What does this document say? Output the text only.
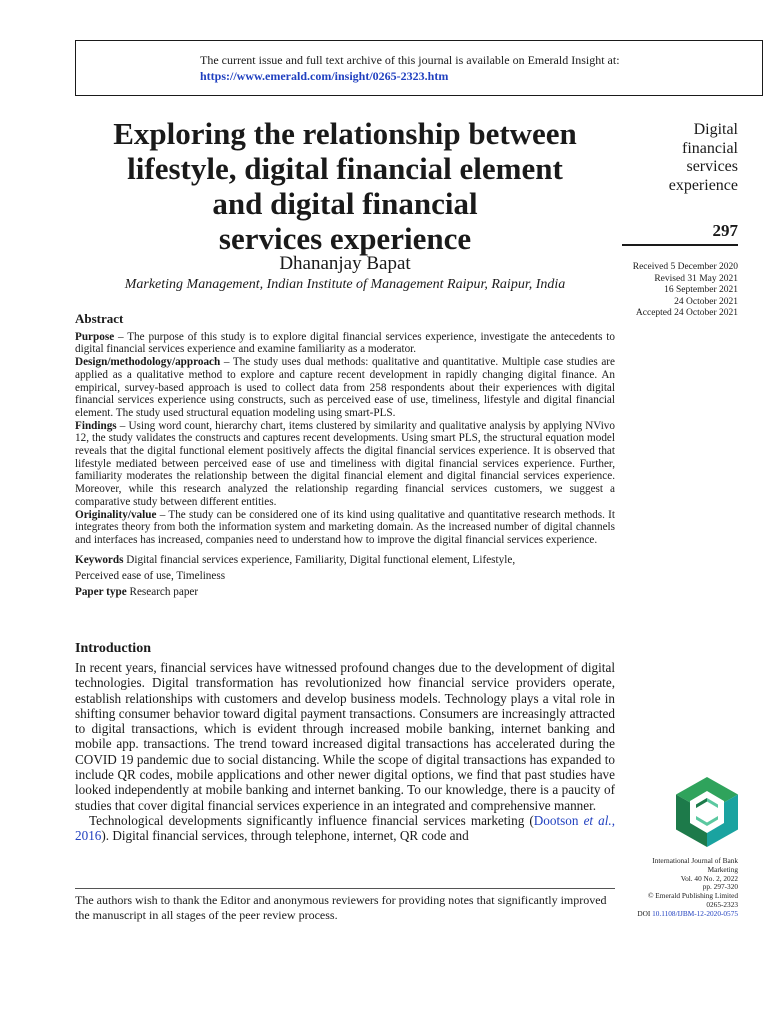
The current issue and full text archive of this journal is available on Emerald Insight at:
https://www.emerald.com/insight/0265-2323.htm
Exploring the relationship between
lifestyle, digital financial element
and digital financial
services experience
Dhananjay Bapat
Marketing Management, Indian Institute of Management Raipur, Raipur, India
Digital
financial
services
experience
297
Received 5 December 2020
Revised 31 May 2021
16 September 2021
24 October 2021
Accepted 24 October 2021
Abstract

Purpose – The purpose of this study is to explore digital financial services experience, investigate the antecedents to digital financial services experience and examine familiarity as a moderator.

Design/methodology/approach – The study uses dual methods: qualitative and quantitative. Multiple case studies are applied as a qualitative method to explore and capture recent development in rapidly changing digital finance. An empirical, survey-based approach is used to collect data from 258 respondents about their experiences with digital financial services experience using constructs, such as perceived ease of use, timeliness, lifestyle and digital financial element. The study used structural equation modeling using smart-PLS.

Findings – Using word count, hierarchy chart, items clustered by similarity and qualitative analysis by applying NVivo 12, the study validates the constructs and captures recent developments. Using smart PLS, the structural equation model reveals that the digital functional element positively affects the digital financial services experience. It is observed that lifestyle mediated between perceived ease of use and timeliness with digital financial services experience. Further, familiarity moderates the relationship between the digital financial element and digital financial services experience. Moreover, while this research analyzed the relationship regarding financial services customers, we suggest a comparative study between different entities.

Originality/value – The study can be considered one of its kind using qualitative and quantitative research methods. It integrates theory from both the information system and marketing domain. As the increased number of digital channels and interfaces has increased, companies need to understand how to improve the digital financial services experience.

Keywords Digital financial services experience, Familiarity, Digital functional element, Lifestyle,
Perceived ease of use, Timeliness

Paper type Research paper

Introduction

In recent years, financial services have witnessed profound changes due to the development of digital technologies. Digital transformation has revolutionized how financial service providers operate, establish relationships with customers and develop business models. Technology plays a vital role in shifting consumer behavior toward digital payment transactions. Consumers are increasingly attracted to digital transactions, which is evident through increased mobile banking, internet banking and mobile app. transactions. The trend toward increased digital transactions has accelerated during the COVID 19 pandemic due to social distancing. While the scope of digital transactions has expanded to include QR codes, mobile applications and other newer digital options, we find that past studies have looked independently at mobile banking and internet banking. To our knowledge, there is a paucity of studies that cover digital financial services experience in an integrated and comprehensive manner.

Technological developments significantly influence financial services marketing (Dootson et al., 2016). Digital financial services, through telephone, internet, QR code and

The authors wish to thank the Editor and anonymous reviewers for providing notes that significantly improved the manuscript in all stages of the peer review process.
International Journal of Bank
Marketing
Vol. 40 No. 2, 2022
pp. 297-320
© Emerald Publishing Limited
0265-2323
DOI 10.1108/IJBM-12-2020-0575
